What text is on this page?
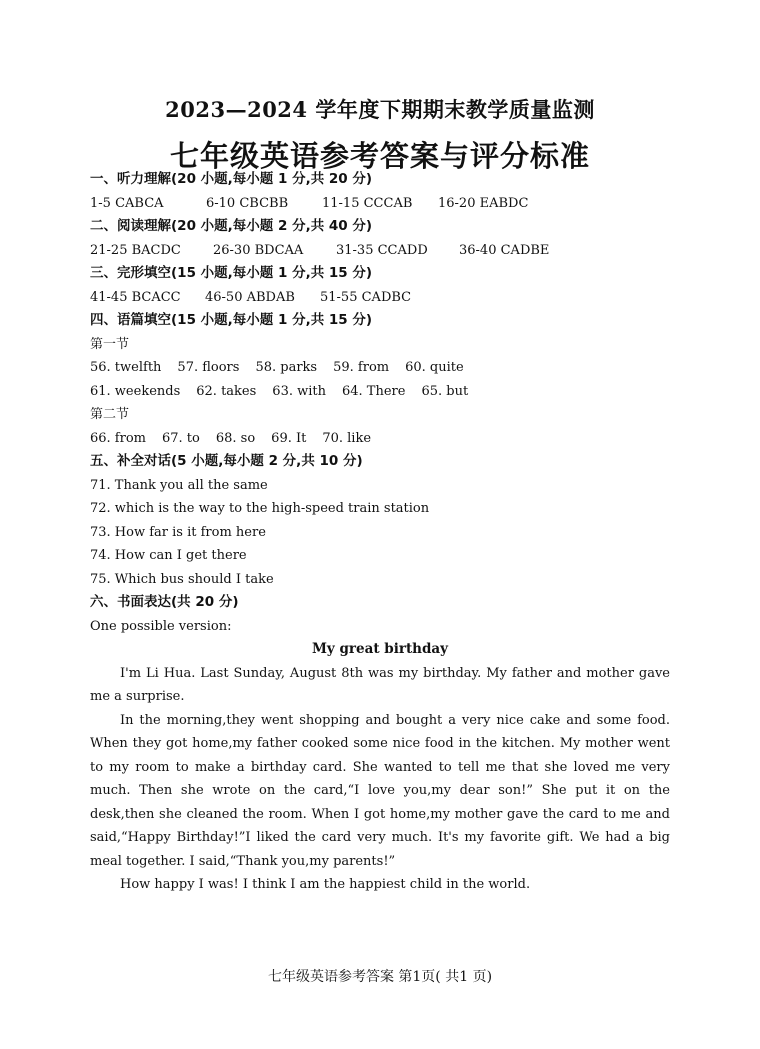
2023—2024 学年度下期期末教学质量监测
七年级英语参考答案与评分标准
一、听力理解(20 小题,每小题 1 分,共 20 分)
1-5 CABCA	6-10 CBCBB	11-15 CCCAB 16-20 EABDC
二、阅读理解(20 小题,每小题 2 分,共 40 分)
21-25 BACDC 26-30 BDCAA	31-35 CCADD 36-40 CADBE
三、完形填空(15 小题,每小题 1 分,共 15 分)
41-45 BCACC 46-50 ABDAB 51-55 CADBC
四、语篇填空(15 小题,每小题 1 分,共 15 分)
第一节
56. twelfth 57. floors 58. parks 59. from 60. quite
61. weekends 62. takes 63. with 64. There 65. but
第二节
66. from 67. to 68. so 69. It 70. like
五、补全对话(5 小题,每小题 2 分,共 10 分)
71. Thank you all the same
72. which is the way to the high-speed train station
73. How far is it from here
74. How can I get there
75. Which bus should I take
六、书面表达(共 20 分)
One possible version:
My great birthday

I'm Li Hua. Last Sunday, August 8th was my birthday. My father and mother gave me a surprise.

In the morning,they went shopping and bought a very nice cake and some food. When they got home,my father cooked some nice food in the kitchen. My mother went to my room to make a birthday card. She wanted to tell me that she loved me very much. Then she wrote on the card,“I love you,my dear son!” She put it on the desk,then she cleaned the room. When I got home,my mother gave the card to me and said,“Happy Birthday!”I liked the card very much. It's my favorite gift. We had a big meal together. I said,“Thank you,my parents!”

How happy I was! I think I am the happiest child in the world.

七年级英语参考答案 第1页( 共1 页)
